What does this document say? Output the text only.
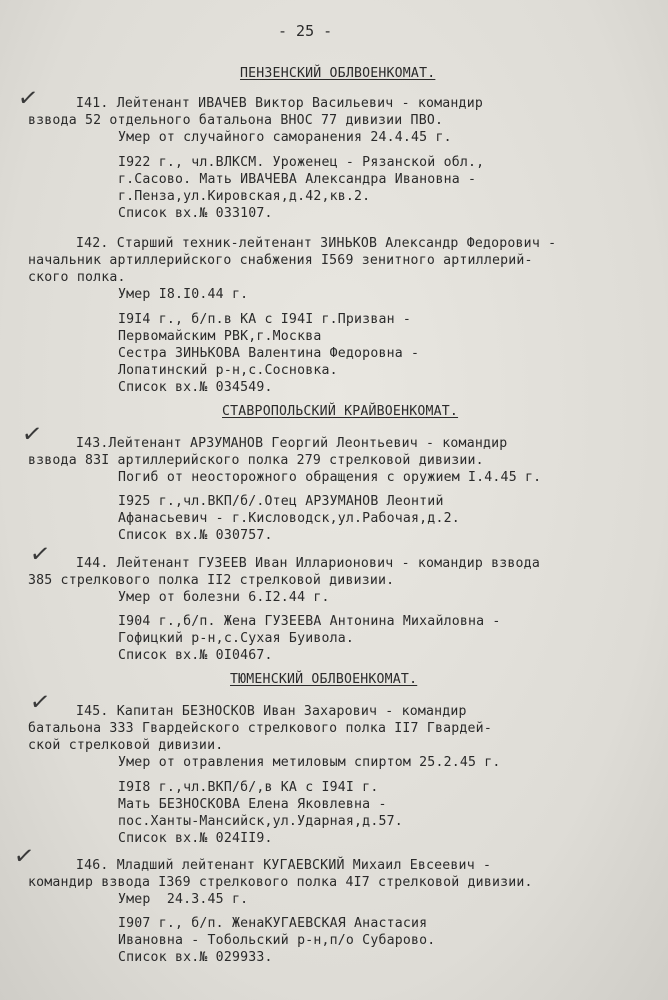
- 25 -
ПЕНЗЕНСКИЙ ОБЛВОЕНКОМАТ.
✓	I41. Лейтенант ИВАЧЕВ Виктор Васильевич - командир
взвода 52 отдельного батальона ВНОС 77 дивизии ПВО.
Умер от случайного саморанения 24.4.45 г.
I922 г., чл.ВЛКСМ. Уроженец - Рязанской обл.,
г.Сасово. Мать ИВАЧЕВА Александра Ивановна -
г.Пенза,ул.Кировская,д.42,кв.2.
Список вх.№ 033107.
I42. Старший техник-лейтенант ЗИНЬКОВ Александр Федорович -
начальник артиллерийского снабжения I569 зенитного артиллерий-
ского полка.
Умер I8.I0.44 г.
I9I4 г., б/п.в КА с I94I г.Призван -
Первомайским РВК,г.Москва
Сестра ЗИНЬКОВА Валентина Федоровна -
Лопатинский р-н,с.Сосновка.
Список вх.№ 034549.
СТАВРОПОЛЬСКИЙ КРАЙВОЕНКОМАТ.
✓ I43.Лейтенант АРЗУМАНОВ Георгий Леонтьевич - командир
взвода 83I артиллерийского полка 279 стрелковой дивизии.
Погиб от неосторожного обращения с оружием I.4.45 г.
I925 г.,чл.ВКП/б/.Отец АРЗУМАНОВ Леонтий
Афанасьевич - г.Кисловодск,ул.Рабочая,д.2.
Список вх.№ 030757.
✓ I44. Лейтенант ГУЗЕЕВ Иван Илларионович - командир взвода
385 стрелкового полка II2 стрелковой дивизии.
Умер от болезни 6.I2.44 г.
I904 г.,б/п. Жена ГУЗЕЕВА Антонина Михайловна -
Гофицкий р-н,с.Сухая Буивола.
Список вх.№ 0I0467.
ТЮМЕНСКИЙ ОБЛВОЕНКОМАТ.
✓ I45. Капитан БЕЗНОСКОВ Иван Захарович - командир
батальона 333 Гвардейского стрелкового полка II7 Гвардей-
ской стрелковой дивизии.
Умер от отравления метиловым спиртом 25.2.45 г.
I9I8 г.,чл.ВКП/б/,в КА с I94I г.
Мать БЕЗНОСКОВА Елена Яковлевна -
пос.Ханты-Мансийск,ул.Ударная,д.57.
Список вх.№ 024II9.
✓	I46. Младший лейтенант КУГАЕВСКИЙ Михаил Евсеевич -
командир взвода I369 стрелкового полка 4I7 стрелковой дивизии.
Умер  24.3.45 г.
I907 г., б/п. ЖенаКУГАЕВСКАЯ Анастасия
Ивановна - Тобольский р-н,п/о Субарово.
Список вх.№ 029933.
